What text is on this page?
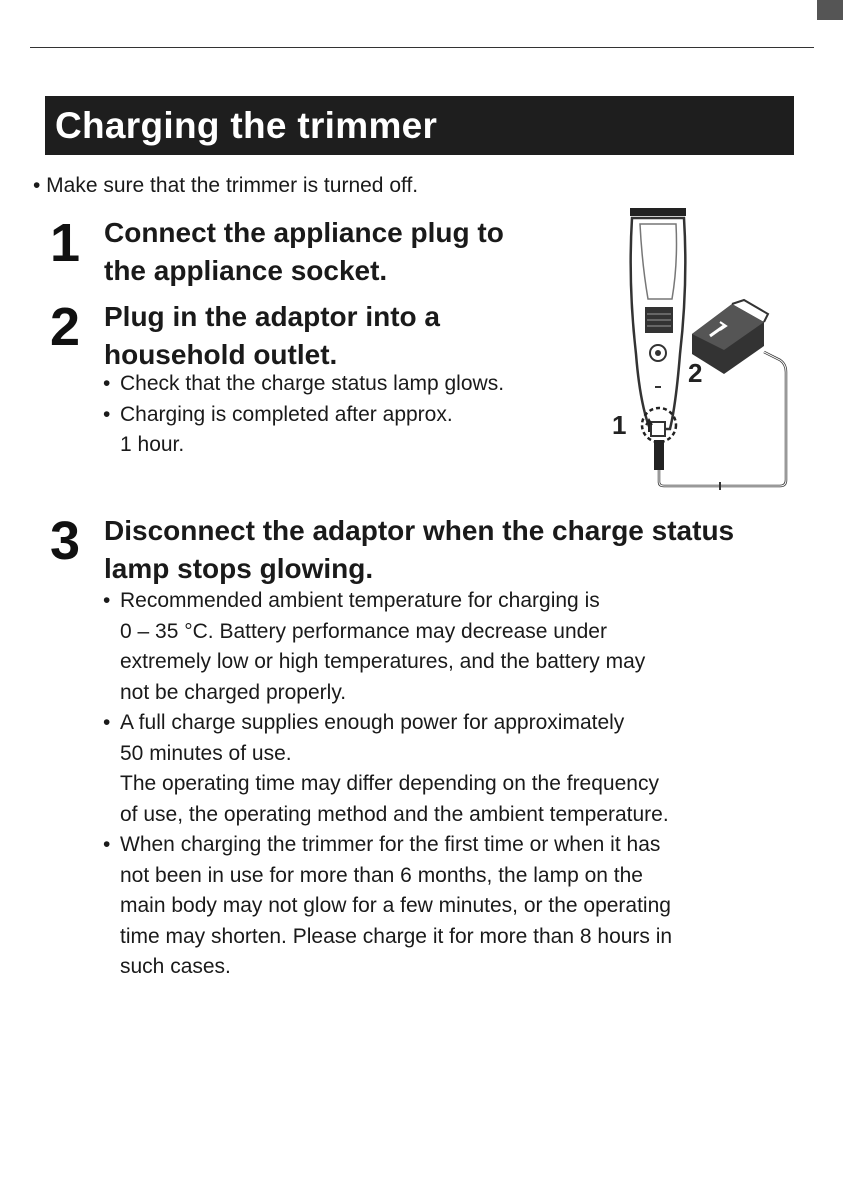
Charging the trimmer
• Make sure that the trimmer is turned off.
1 Connect the appliance plug to
the appliance socket.
2 Plug in the adaptor into a
household outlet.
• Check that the charge status lamp glows.
• Charging is completed after approx.
1 hour.
2
1
3 Disconnect the adaptor when the charge status
lamp stops glowing.
• Recommended ambient temperature for charging is
0 – 35 °C. Battery performance may decrease under
extremely low or high temperatures, and the battery may
not be charged properly.
• A full charge supplies enough power for approximately
50 minutes of use.
The operating time may differ depending on the frequency
of use, the operating method and the ambient temperature.
• When charging the trimmer for the first time or when it has
not been in use for more than 6 months, the lamp on the
main body may not glow for a few minutes, or the operating
time may shorten. Please charge it for more than 8 hours in
such cases.
